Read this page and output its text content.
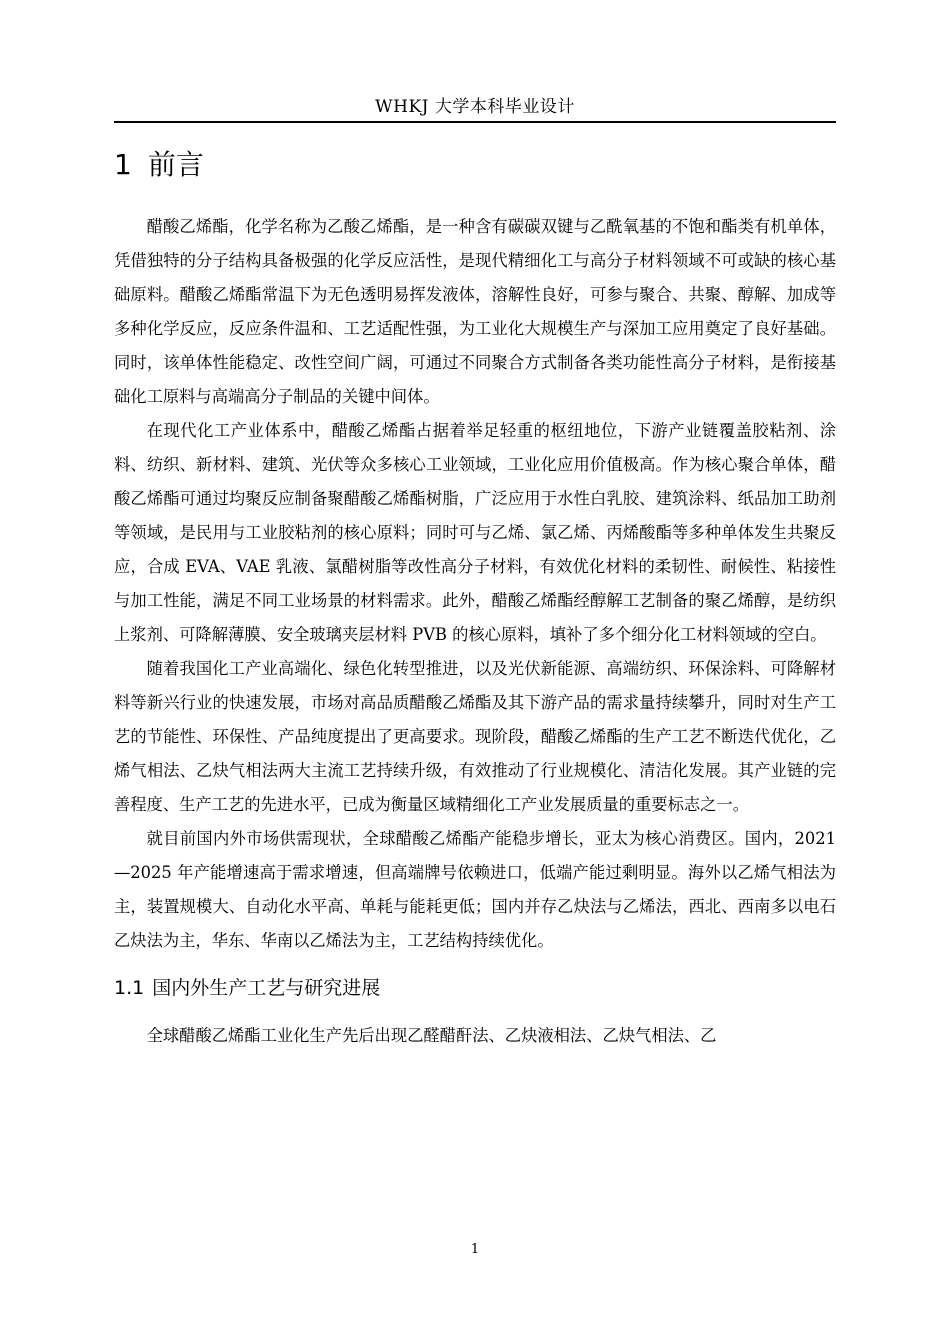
WHKJ 大学本科毕业设计
1 前言

醋酸乙烯酯，化学名称为乙酸乙烯酯，是一种含有碳碳双键与乙酰氧基的不饱和酯类有机单体，凭借独特的分子结构具备极强的化学反应活性，是现代精细化工与高分子材料领域不可或缺的核心基础原料。醋酸乙烯酯常温下为无色透明易挥发液体，溶解性良好，可参与聚合、共聚、醇解、加成等多种化学反应，反应条件温和、工艺适配性强，为工业化大规模生产与深加工应用奠定了良好基础。同时，该单体性能稳定、改性空间广阔，可通过不同聚合方式制备各类功能性高分子材料，是衔接基础化工原料与高端高分子制品的关键中间体。

在现代化工产业体系中，醋酸乙烯酯占据着举足轻重的枢纽地位，下游产业链覆盖胶粘剂、涂料、纺织、新材料、建筑、光伏等众多核心工业领域，工业化应用价值极高。作为核心聚合单体，醋酸乙烯酯可通过均聚反应制备聚醋酸乙烯酯树脂，广泛应用于水性白乳胶、建筑涂料、纸品加工助剂等领域，是民用与工业胶粘剂的核心原料；同时可与乙烯、氯乙烯、丙烯酸酯等多种单体发生共聚反应，合成 EVA、VAE 乳液、氯醋树脂等改性高分子材料，有效优化材料的柔韧性、耐候性、粘接性与加工性能，满足不同工业场景的材料需求。此外，醋酸乙烯酯经醇解工艺制备的聚乙烯醇，是纺织上浆剂、可降解薄膜、安全玻璃夹层材料 PVB 的核心原料，填补了多个细分化工材料领域的空白。

随着我国化工产业高端化、绿色化转型推进，以及光伏新能源、高端纺织、环保涂料、可降解材料等新兴行业的快速发展，市场对高品质醋酸乙烯酯及其下游产品的需求量持续攀升，同时对生产工艺的节能性、环保性、产品纯度提出了更高要求。现阶段，醋酸乙烯酯的生产工艺不断迭代优化，乙烯气相法、乙炔气相法两大主流工艺持续升级，有效推动了行业规模化、清洁化发展。其产业链的完善程度、生产工艺的先进水平，已成为衡量区域精细化工产业发展质量的重要标志之一。

就目前国内外市场供需现状，全球醋酸乙烯酯产能稳步增长，亚太为核心消费区。国内，2021—2025 年产能增速高于需求增速，但高端牌号依赖进口，低端产能过剩明显。海外以乙烯气相法为主，装置规模大、自动化水平高、单耗与能耗更低；国内并存乙炔法与乙烯法，西北、西南多以电石乙炔法为主，华东、华南以乙烯法为主，工艺结构持续优化。

1.1 国内外生产工艺与研究进展

全球醋酸乙烯酯工业化生产先后出现乙醛醋酐法、乙炔液相法、乙炔气相法、乙

1
